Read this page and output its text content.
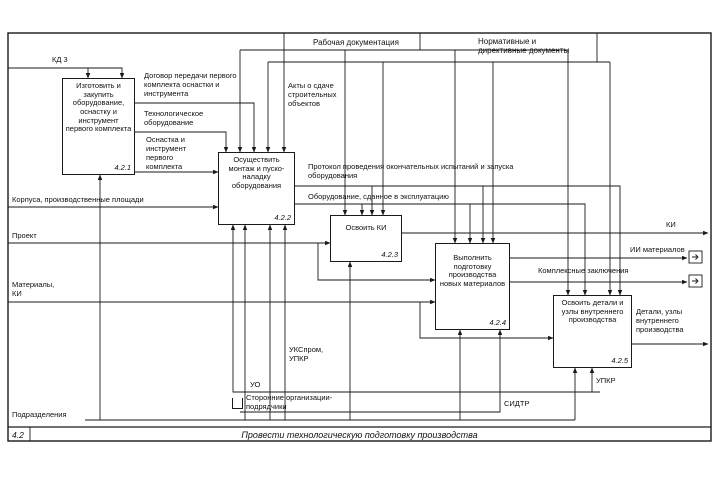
Изготовить и закупить оборудование, оснастку и инструмент первого комплекта
4.2.1
Осуществить монтаж и пуско-наладку оборудования
4.2.2
Освоить КИ
4.2.3	Выполнить подготовку производства новых материалов
4.2.4
Освоить детали и узлы внутреннего производства
4.2.5
КД 3
Рабочая документация	Нормативные и директивные документы
Договор передачи первого комплекта оснастки и инструмента
Акты о сдаче строительных объектов
Технологическое оборудование
Оснастка и инструмент первого комплекта
Корпуса, производственные площади
Проект
Протокол проведения окончательных испытаний и запуска оборудования
Оборудование, сданное в эксплуатацию
Материалы, КИ
КИ
ИИ материалов
Комплексные заключения
Детали, узлы внутреннего производства
УКСпром, УПКР
УО	УПКР
Сторонние организации-подрядчики	СИДТР
Подразделения
4.2	Провести технологическую подготовку производства
